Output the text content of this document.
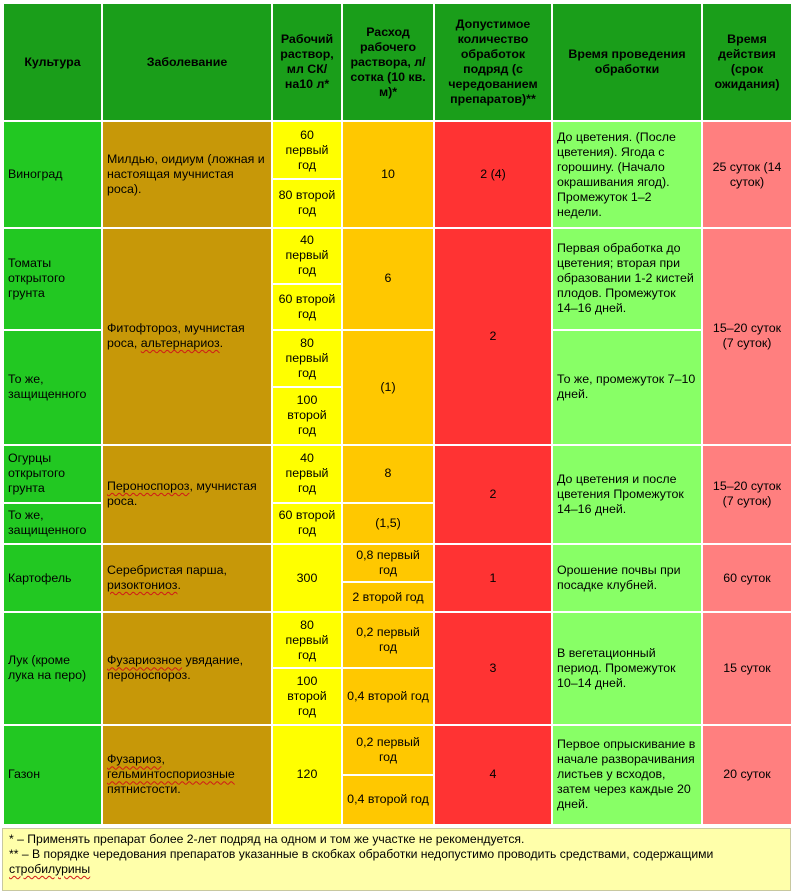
Культура	Заболевание	Рабочий раствор, мл СК/ на10 л*	Расход рабочего раствора, л/сотка (10 кв. м)*	Допустимое количество обработок подряд (с чередованием препаратов)**	Время проведения обработки	Время действия (срок ожидания)
Виноград	Милдью, оидиум (ложная и настоящая мучнистая роса).	60 первый год	10	2 (4)	До цветения. (После цветения). Ягода с горошину. (Начало окрашивания ягод). Промежуток 1–2 недели.	25 суток (14 суток)
		80 второй год				
Томаты открытого грунта	Фитофтороз, мучнистая роса, альтернариоз.	40 первый год	6	2	Первая обработка до цветения; вторая при образовании 1-2 кистей плодов. Промежуток 14–16 дней.	15–20 суток (7 суток)
		60 второй год				
То же, защищенного		80 первый год	(1)		То же, промежуток 7–10 дней.	
		100 второй год				
Огурцы открытого грунта	Пероноспороз, мучнистая роса.	40 первый год	8	2	До цветения и после цветения Промежуток 14–16 дней.	15–20 суток (7 суток)
То же, защищенного		60 второй год	(1,5)			
Картофель	Серебристая парша, ризоктониоз.	300	0,8 первый год	1	Орошение почвы при посадке клубней.	60 суток
			2 второй год			
Лук (кроме лука на перо)	Фузариозное увядание, пероноспороз.	80 первый год	0,2 первый год	3	В вегетационный период. Промежуток 10–14 дней.	15 суток
		100 второй год	0,4 второй год			
Газон	Фузариоз, гельминтоспориозные пятнистости.	120	0,2 первый год	4	Первое опрыскивание в начале разворачивания листьев у всходов, затем через каждые 20 дней.	20 суток
			0,4 второй год			
* – Применять препарат более 2-лет подряд на одном и том же участке не рекомендуется.
** – В порядке чередования препаратов указанные в скобках обработки недопустимо проводить средствами, содержащими стробилурины
